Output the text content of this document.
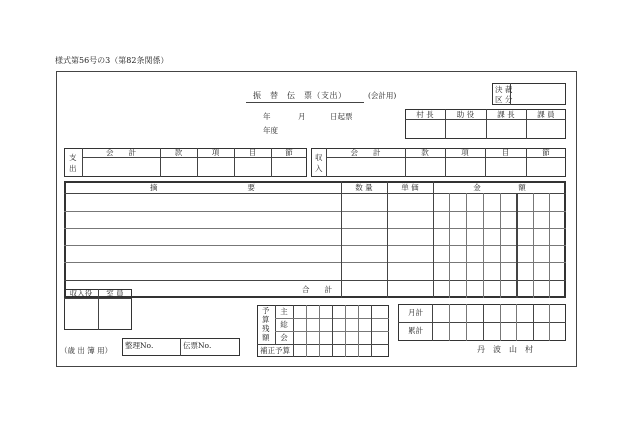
様式第56号の3（第82条関係）
振　替　伝　票（支出）	(会計用)
決 裁
区 分
年	月	日起票
年度
村 長	助 役	課 長	課 員
支
出
会　　計	款	項	目	節
収
入
会　　計	款	項	目	節
摘　　　　　　　　　　　　要	数 量	単 価	金　　　　　額
合　　計
収入役	室 員
予
算
残
額
主
総
会
補正予算
月計
累計
（歳 出 簿 用）
整理No.	伝票No.	丹　波　山　村
